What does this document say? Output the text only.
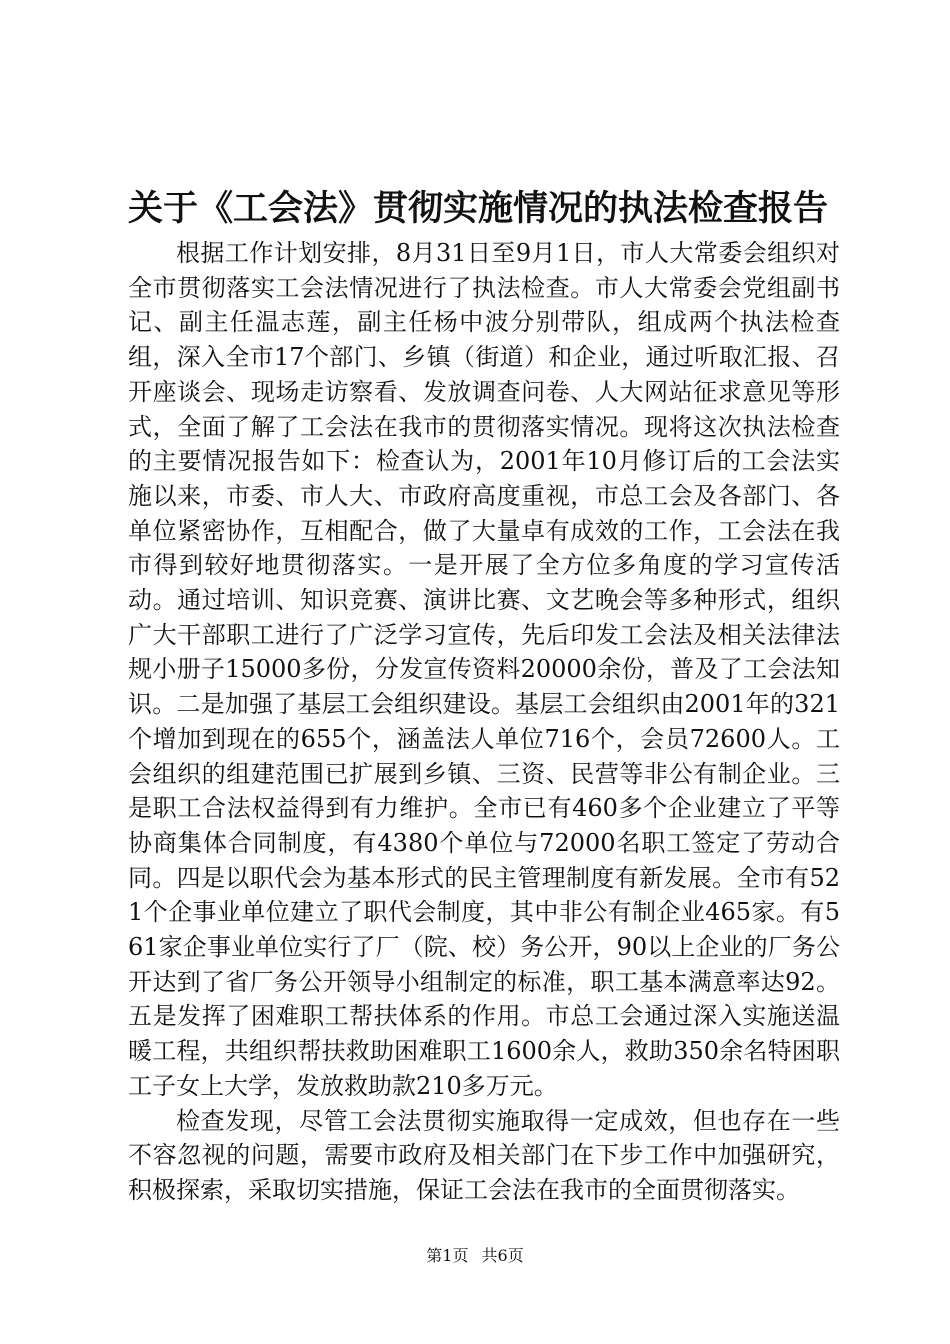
关于《工会法》贯彻实施情况的执法检查报告

根据工作计划安排，8月31日至9月1日，市人大常委会组织对全市贯彻落实工会法情况进行了执法检查。市人大常委会党组副书记、副主任温志莲，副主任杨中波分别带队，组成两个执法检查组，深入全市17个部门、乡镇（街道）和企业，通过听取汇报、召开座谈会、现场走访察看、发放调查问卷、人大网站征求意见等形式，全面了解了工会法在我市的贯彻落实情况。现将这次执法检查的主要情况报告如下：检查认为，2001年10月修订后的工会法实施以来，市委、市人大、市政府高度重视，市总工会及各部门、各单位紧密协作，互相配合，做了大量卓有成效的工作，工会法在我市得到较好地贯彻落实。一是开展了全方位多角度的学习宣传活动。通过培训、知识竞赛、演讲比赛、文艺晚会等多种形式，组织广大干部职工进行了广泛学习宣传，先后印发工会法及相关法律法规小册子15000多份，分发宣传资料20000余份，普及了工会法知识。二是加强了基层工会组织建设。基层工会组织由2001年的321个增加到现在的655个，涵盖法人单位716个，会员72600人。工会组织的组建范围已扩展到乡镇、三资、民营等非公有制企业。三是职工合法权益得到有力维护。全市已有460多个企业建立了平等协商集体合同制度，有4380个单位与72000名职工签定了劳动合同。四是以职代会为基本形式的民主管理制度有新发展。全市有521个企事业单位建立了职代会制度，其中非公有制企业465家。有561家企事业单位实行了厂（院、校）务公开，90以上企业的厂务公开达到了省厂务公开领导小组制定的标准，职工基本满意率达92。五是发挥了困难职工帮扶体系的作用。市总工会通过深入实施送温暖工程，共组织帮扶救助困难职工1600余人，救助350余名特困职工子女上大学，发放救助款210多万元。

检查发现，尽管工会法贯彻实施取得一定成效，但也存在一些不容忽视的问题，需要市政府及相关部门在下步工作中加强研究，积极探索，采取切实措施，保证工会法在我市的全面贯彻落实。

第1页 共6页
